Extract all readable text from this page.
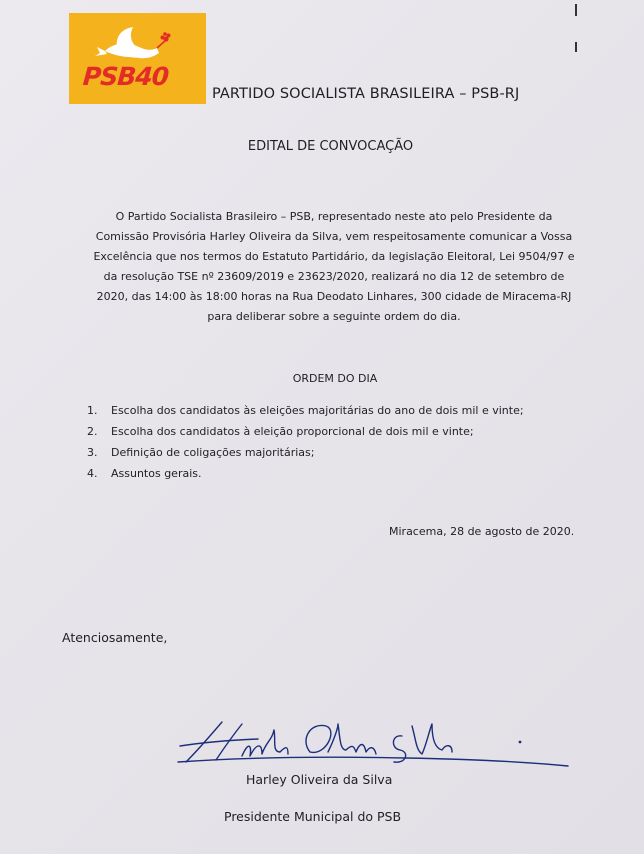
PSB40
PARTIDO SOCIALISTA BRASILEIRA – PSB-RJ
EDITAL DE CONVOCAÇÃO
O Partido Socialista Brasileiro – PSB, representado neste ato pelo Presidente da
Comissão Provisória Harley Oliveira da Silva, vem respeitosamente comunicar a Vossa
Excelência que nos termos do Estatuto Partidário, da legislação Eleitoral, Lei 9504/97 e
da resolução TSE nº 23609/2019 e 23623/2020, realizará no dia 12 de setembro de
2020, das 14:00 às 18:00 horas na Rua Deodato Linhares, 300 cidade de Miracema-RJ
para deliberar sobre a seguinte ordem do dia.
ORDEM DO DIA
1. Escolha dos candidatos às eleições majoritárias do ano de dois mil e vinte;
2. Escolha dos candidatos à eleição proporcional de dois mil e vinte;
3. Definição de coligações majoritárias;
4. Assuntos gerais.
Miracema, 28 de agosto de 2020.
Atenciosamente,
Harley Oliveira da Silva
Presidente Municipal do PSB
